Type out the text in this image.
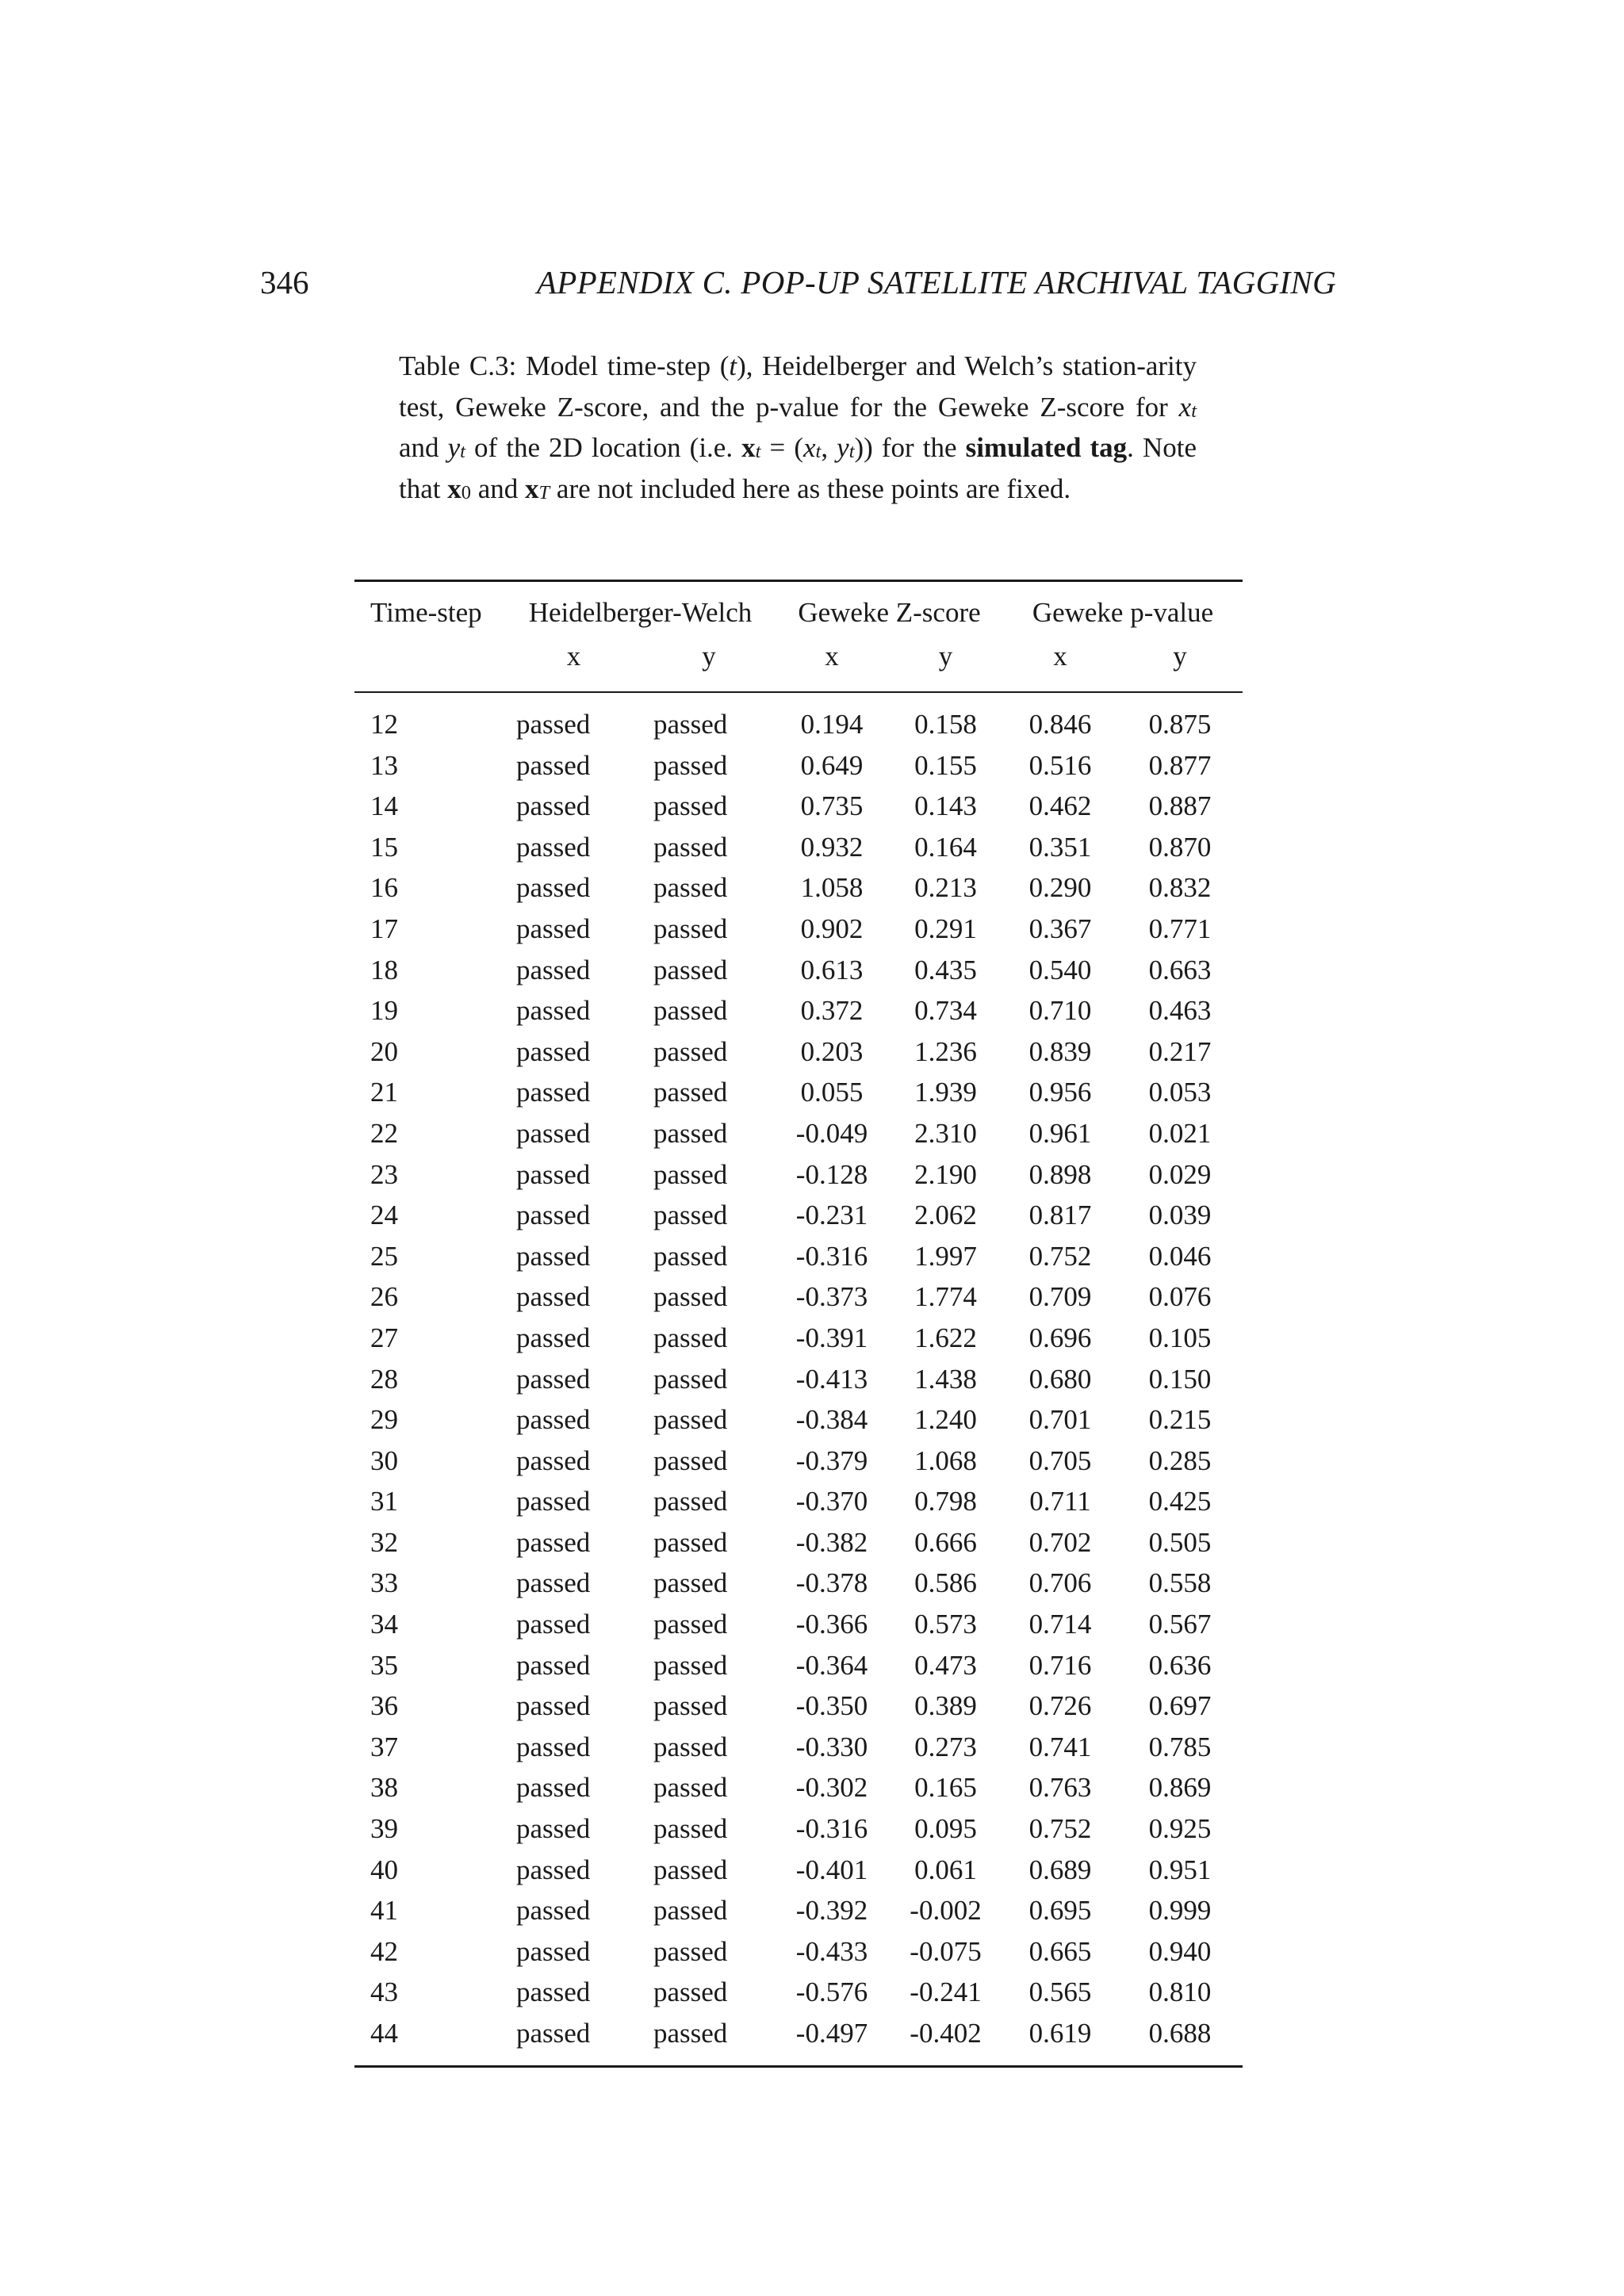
346	APPENDIX C. POP-UP SATELLITE ARCHIVAL TAGGING
Table C.3: Model time-step (t), Heidelberger and Welch’s station-arity test, Geweke Z-score, and the p-value for the Geweke Z-score for $x_t$ and $y_t$ of the 2D location (i.e. $x_t = (x_t$, $y_t$)) for the simulated tag. Note that $x_0$ and $x_T$ are not included here as these points are fixed.

Time-step	Heidelberger-Welch		Geweke Z-score		Geweke p-value	
	x	y	x	y	x	y
12	passed	passed	0.194	0.158	0.846	0.875
13	passed	passed	0.649	0.155	0.516	0.877
14	passed	passed	0.735	0.143	0.462	0.887
15	passed	passed	0.932	0.164	0.351	0.870
16	passed	passed	1.058	0.213	0.290	0.832
17	passed	passed	0.902	0.291	0.367	0.771
18	passed	passed	0.613	0.435	0.540	0.663
19	passed	passed	0.372	0.734	0.710	0.463
20	passed	passed	0.203	1.236	0.839	0.217
21	passed	passed	0.055	1.939	0.956	0.053
22	passed	passed	-0.049	2.310	0.961	0.021
23	passed	passed	-0.128	2.190	0.898	0.029
24	passed	passed	-0.231	2.062	0.817	0.039
25	passed	passed	-0.316	1.997	0.752	0.046
26	passed	passed	-0.373	1.774	0.709	0.076
27	passed	passed	-0.391	1.622	0.696	0.105
28	passed	passed	-0.413	1.438	0.680	0.150
29	passed	passed	-0.384	1.240	0.701	0.215
30	passed	passed	-0.379	1.068	0.705	0.285
31	passed	passed	-0.370	0.798	0.711	0.425
32	passed	passed	-0.382	0.666	0.702	0.505
33	passed	passed	-0.378	0.586	0.706	0.558
34	passed	passed	-0.366	0.573	0.714	0.567
35	passed	passed	-0.364	0.473	0.716	0.636
36	passed	passed	-0.350	0.389	0.726	0.697
37	passed	passed	-0.330	0.273	0.741	0.785
38	passed	passed	-0.302	0.165	0.763	0.869
39	passed	passed	-0.316	0.095	0.752	0.925
40	passed	passed	-0.401	0.061	0.689	0.951
41	passed	passed	-0.392	-0.002	0.695	0.999
42	passed	passed	-0.433	-0.075	0.665	0.940
43	passed	passed	-0.576	-0.241	0.565	0.810
44	passed	passed	-0.497	-0.402	0.619	0.688
